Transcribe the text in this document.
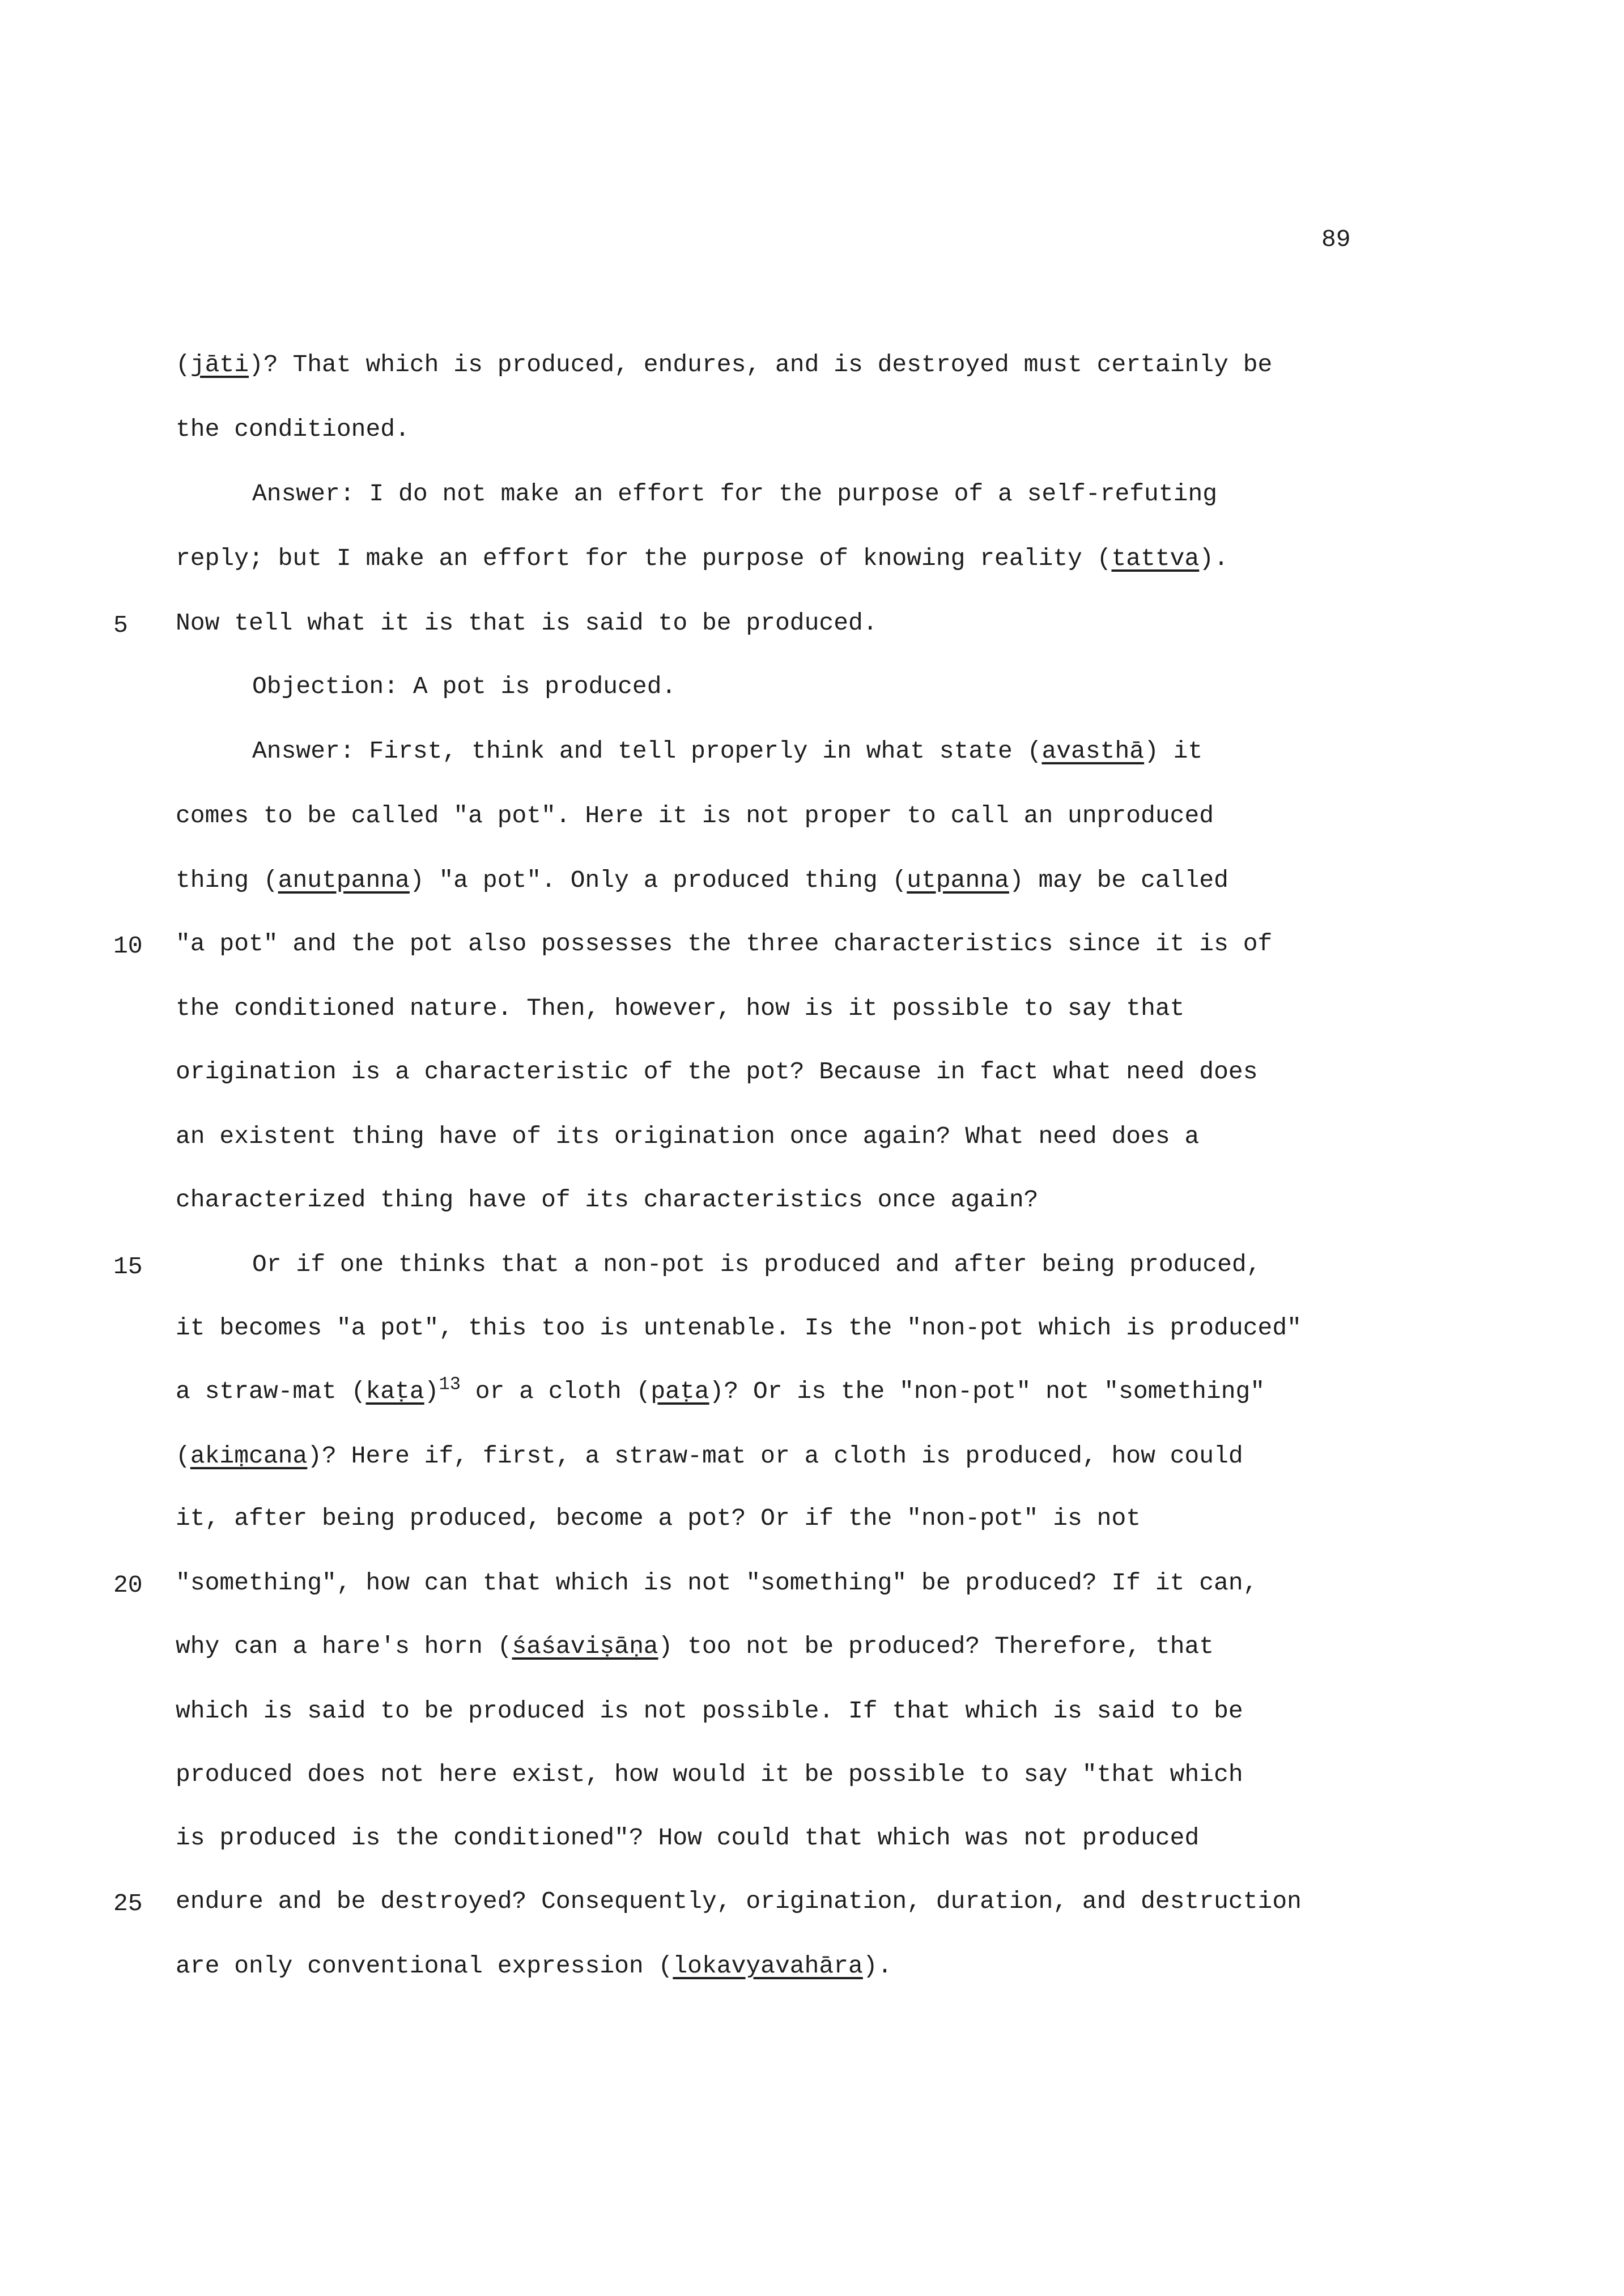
89
(jāti)? That which is produced, endures, and is destroyed must certainly be
the conditioned.
Answer: I do not make an effort for the purpose of a self-refuting
reply; but I make an effort for the purpose of knowing reality (tattva).
Now tell what it is that is said to be produced.
Objection: A pot is produced.
Answer: First, think and tell properly in what state (avasthā) it
comes to be called "a pot". Here it is not proper to call an unproduced
thing (anutpanna) "a pot". Only a produced thing (utpanna) may be called
"a pot" and the pot also possesses the three characteristics since it is of
the conditioned nature. Then, however, how is it possible to say that
origination is a characteristic of the pot? Because in fact what need does
an existent thing have of its origination once again? What need does a
characterized thing have of its characteristics once again?
Or if one thinks that a non-pot is produced and after being produced,
it becomes "a pot", this too is untenable. Is the "non-pot which is produced"
a straw-mat (kaṭa)$^{13}$ or a cloth (paṭa)? Or is the "non-pot" not "something"
(akiṃcana)? Here if, first, a straw-mat or a cloth is produced, how could
it, after being produced, become a pot? Or if the "non-pot" is not
"something", how can that which is not "something" be produced? If it can,
why can a hare's horn (śaśaviṣāṇa) too not be produced? Therefore, that
which is said to be produced is not possible. If that which is said to be
produced does not here exist, how would it be possible to say "that which
is produced is the conditioned"? How could that which was not produced
endure and be destroyed? Consequently, origination, duration, and destruction
are only conventional expression (lokavyavahāra).
5
10
15
20
25
